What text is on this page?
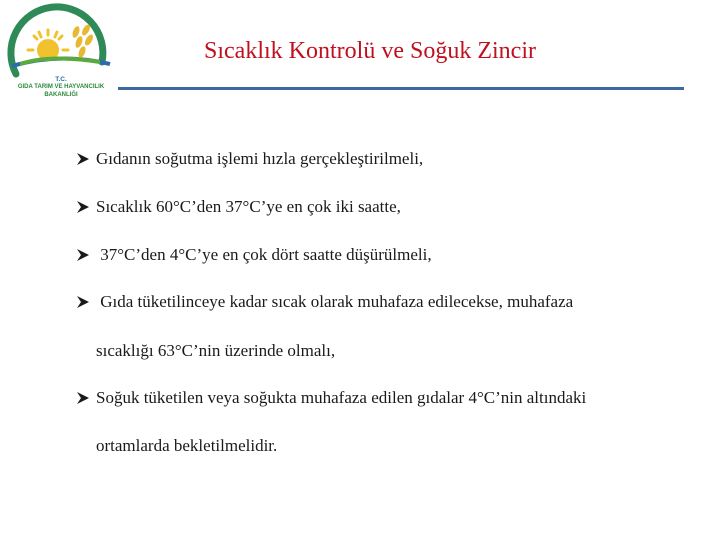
T.C.
GIDA TARIM VE HAYVANCILIK
BAKANLIĞI
Sıcaklık Kontrolü ve Soğuk Zincir
Gıdanın soğutma işlemi hızla gerçekleştirilmeli,
Sıcaklık 60°C’den 37°C’ye en çok iki saatte,
37°C’den 4°C’ye en çok dört saatte düşürülmeli,
Gıda tüketilinceye kadar sıcak olarak muhafaza edilecekse, muhafaza
sıcaklığı 63°C’nin üzerinde olmalı,
Soğuk tüketilen veya soğukta muhafaza edilen gıdalar 4°C’nin altındaki
ortamlarda bekletilmelidir.
